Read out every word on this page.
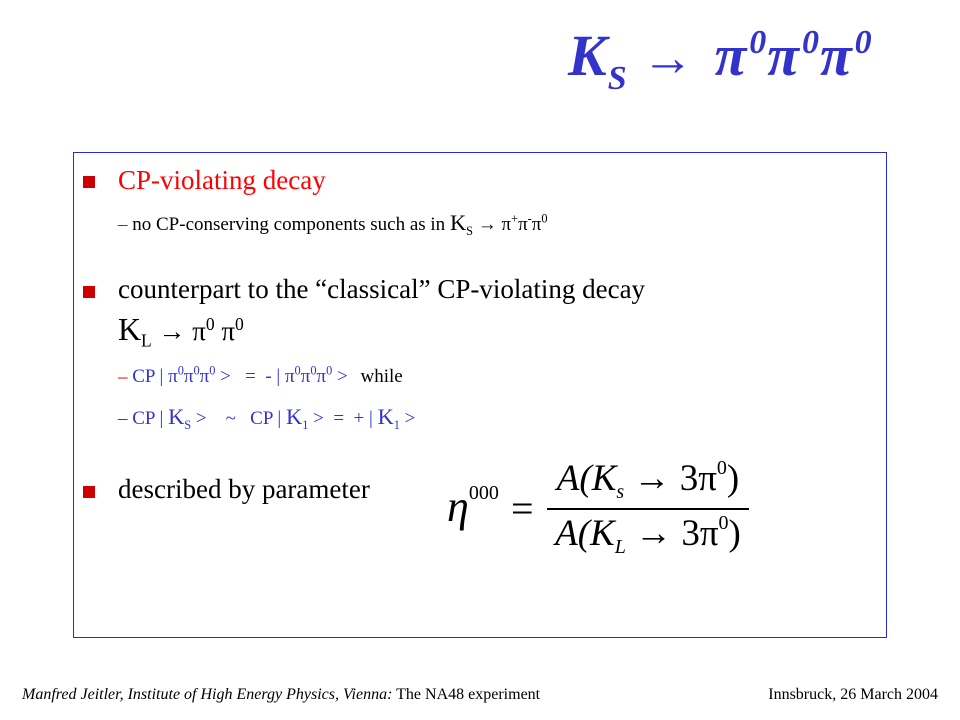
$K_S \to \pi^0\pi^0\pi^0$
CP-violating decay
– no CP-conserving components such as in $K_S \to \pi^+\pi^-\pi^0$
counterpart to the “classical” CP-violating decay
$K_L \to \pi^0$ $\pi^0$
– CP | $\pi^0\pi^0\pi^0$ >   =  - | $\pi^0\pi^0\pi^0$ > while
– CP | $K_S$ >    ~   CP | $K_1$ >  =  + | $K_1$ >
described by parameter $\eta^{000}$ =
$A(K_s \to 3\pi^0)$
$A(K_L \to 3\pi^0)$
Manfred Jeitler, Institute of High Energy Physics, Vienna: The NA48 experiment	Innsbruck, 26 March 2004
